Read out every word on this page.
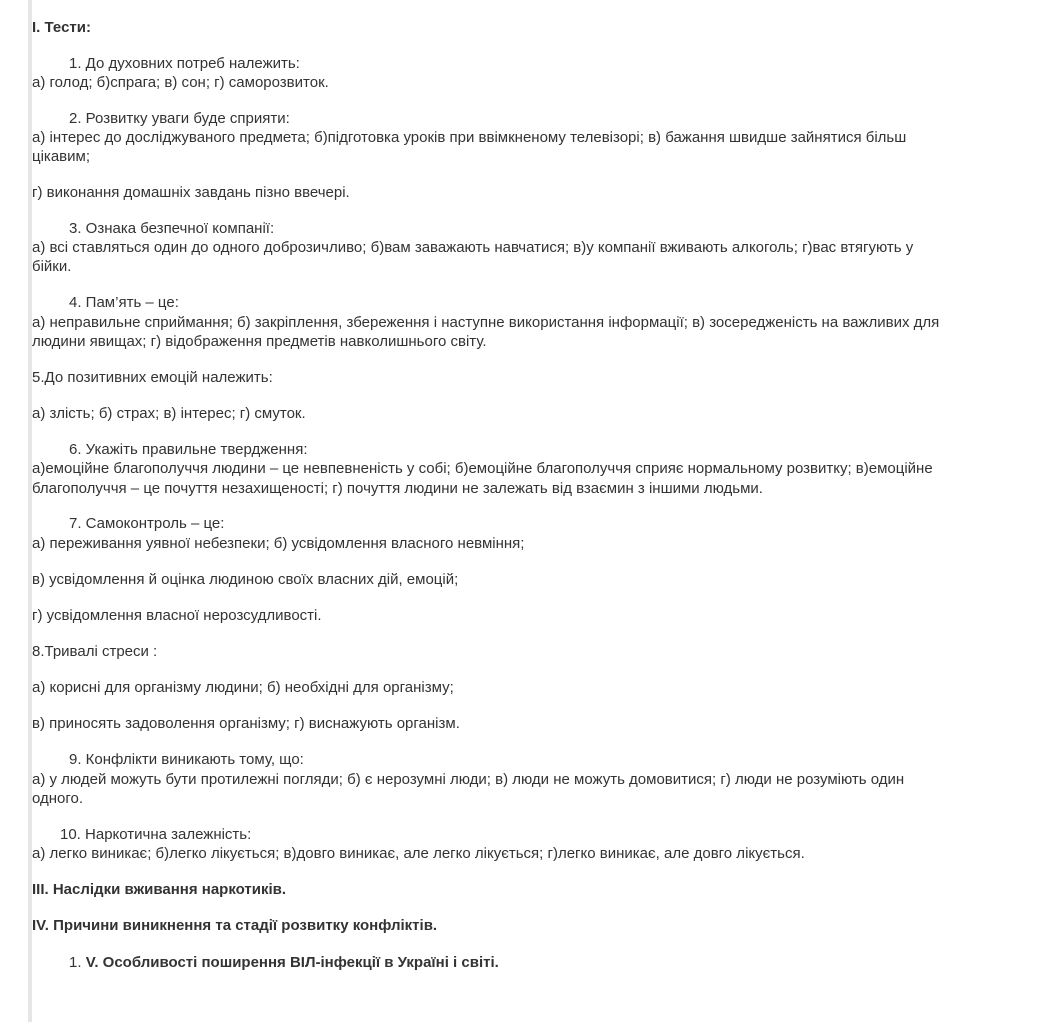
І. Тести:
1. До духовних потреб належить:
а) голод; б)спрага; в) сон; г) саморозвиток.
2. Розвитку уваги буде сприяти:
а) інтерес до досліджуваного предмета; б)підготовка уроків при ввімкненому телевізорі; в) бажання швидше зайнятися більш
цікавим;
г) виконання домашніх завдань пізно ввечері.
3. Ознака безпечної компанії:
а) всі ставляться один до одного доброзичливо; б)вам заважають навчатися; в)у компанії вживають алкоголь; г)вас втягують у
бійки.
4. Пам’ять – це:
а) неправильне сприймання; б) закріплення, збереження і наступне використання інформації; в) зосередженість на важливих для
людини явищах; г) відображення предметів навколишнього світу.
5.До позитивних емоцій належить:
а) злість; б) страх; в) інтерес; г) смуток.
6. Укажіть правильне твердження:
а)емоційне благополуччя людини – це невпевненість у собі; б)емоційне благополуччя сприяє нормальному розвитку; в)емоційне
благополуччя – це почуття незахищеності; г) почуття людини не залежать від взаємин з іншими людьми.
7. Самоконтроль – це:
а) переживання уявної небезпеки; б) усвідомлення власного невміння;
в) усвідомлення й оцінка людиною своїх власних дій, емоцій;
г) усвідомлення власної нерозсудливості.
8.Тривалі стреси :
а) корисні для організму людини; б) необхідні для організму;
в) приносять задоволення організму; г) виснажують організм.
9. Конфлікти виникають тому, що:
а) у людей можуть бути протилежні погляди; б) є нерозумні люди; в) люди не можуть домовитися; г) люди не розуміють один
одного.
10. Наркотична залежність:
а) легко виникає; б)легко лікується; в)довго виникає, але легко лікується; г)легко виникає, але довго лікується.
ІІІ. Наслідки вживання наркотиків.
ІV. Причини виникнення та стадії розвитку конфліктів.
1. V. Особливості поширення ВІЛ-інфекції в Україні і світі.
